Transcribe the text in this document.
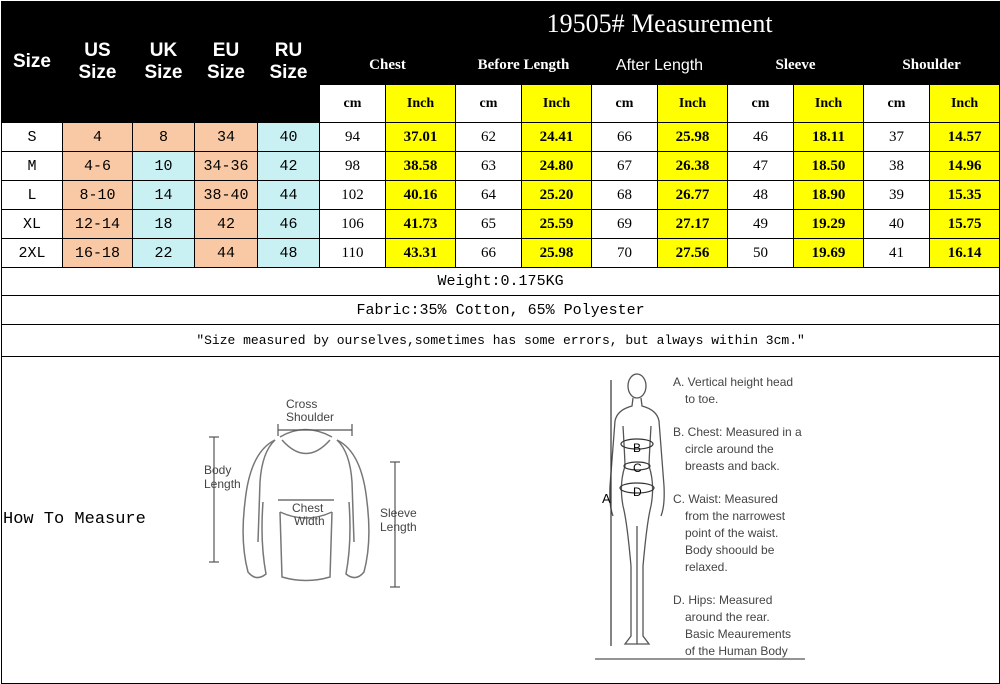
Size	US Size	UK Size	EU Size	RU Size	19505# Measurement									
					Chest		Before Length		After Length		Sleeve		Shoulder	
					cm	Inch	cm	Inch	cm	Inch	cm	Inch	cm	Inch
S	4	8	34	40	94	37.01	62	24.41	66	25.98	46	18.11	37	14.57
M	4-6	10	34-36	42	98	38.58	63	24.80	67	26.38	47	18.50	38	14.96
L	8-10	14	38-40	44	102	40.16	64	25.20	68	26.77	48	18.90	39	15.35
XL	12-14	18	42	46	106	41.73	65	25.59	69	27.17	49	19.29	40	15.75
2XL	16-18	22	44	48	110	43.31	66	25.98	70	27.56	50	19.69	41	16.14
Weight:0.175KG														
Fabric:35% Cotton, 65% Polyester														
"Size measured by ourselves,sometimes has some errors, but always within 3cm."														

How To Measure
Cross
Shoulder
Body
Length
Chest
Width
Sleeve
Length
A
B
C
D
A. Vertical height head
to toe.
B. Chest: Measured in a
circle around the
breasts and back.
C. Waist: Measured
from the narrowest
point of the waist.
Body shoould be
relaxed.
D. Hips: Measured
around the rear.
Basic Meaurements
of the Human Body
